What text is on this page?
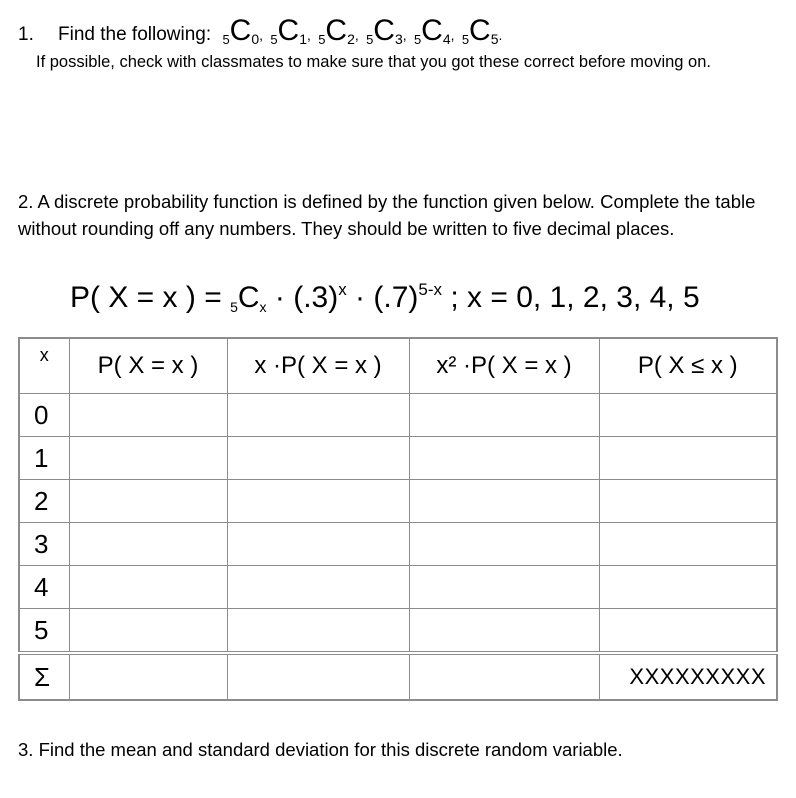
1. Find the following: $_5C_0$, $_5C_1$, $_5C_2$, $_5C_3$, $_5C_4$, $_5C_5$.
If possible, check with classmates to make sure that you got these correct before moving on.
2. A discrete probability function is defined by the function given below. Complete the table without rounding off any numbers. They should be written to five decimal places.
P( X = x ) = $5Cx \cdot (.3)^x \cdot (.7)^{5-x}$ ; x = 0, 1, 2, 3, 4, 5
x	P( X = x )	x ·P( X = x )	x² ·P( X = x )	P( X ≤ x )
0				
1				
2				
3				
4				
5				
Σ				XXXXXXXXX
3. Find the mean and standard deviation for this discrete random variable.
